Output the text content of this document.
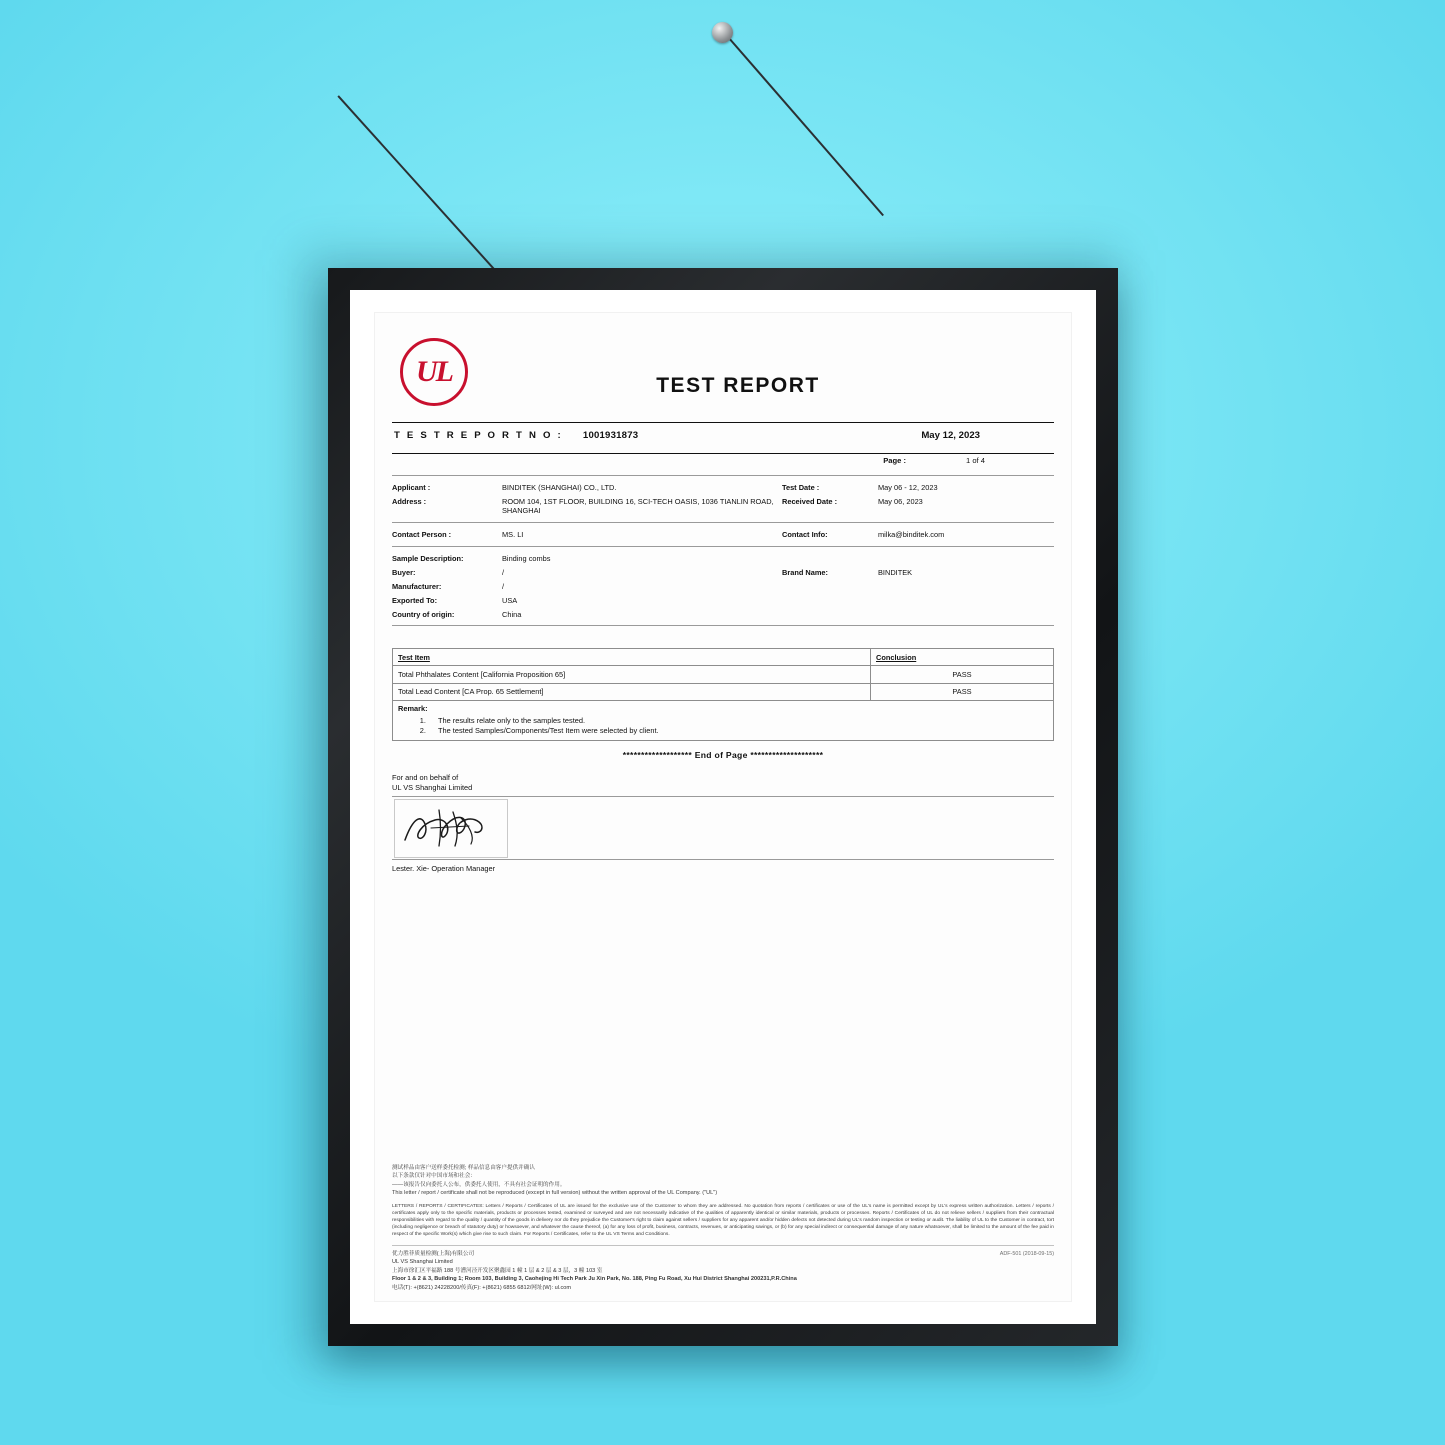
UL	TEST REPORT
T E S T R E P O R T N O : 1001931873	May 12, 2023
Page :	1 of 4
Applicant :	BINDITEK (SHANGHAI) CO., LTD.	Test Date :	May 06 - 12, 2023
Address :	ROOM 104, 1ST FLOOR, BUILDING 16, SCI-TECH OASIS, 1036 TIANLIN ROAD, SHANGHAI	Received Date :	May 06, 2023
Contact Person :	MS. LI	Contact Info:	milka@binditek.com
Sample Description:	Binding combs		
Buyer:	/	Brand Name:	BINDITEK
Manufacturer:	/		
Exported To:	USA		
Country of origin:	China		
Test Item	Conclusion
Total Phthalates Content [California Proposition 65]	PASS
Total Lead Content [CA Prop. 65 Settlement]	PASS

Remark:
1. The results relate only to the samples tested.
2. The tested Samples/Components/Test Item were selected by client.
******************* End of Page ********************
For and on behalf of
UL VS Shanghai Limited
Lester. Xie- Operation Manager
测试样品由客户送样委托检测; 样品信息由客户提供并确认
以下条款仅针对中国市场和社会：
——该报告仅向委托人公布，供委托人使用，不具有社会证明的作用。
This letter / report / certificate shall not be reproduced (except in full version) without the written approval of the UL Company. ("UL")
LETTERS / REPORTS / CERTIFICATES: Letters / Reports / Certificates of UL are issued for the exclusive use of the Customer to whom they are addressed. No quotation from reports / certificates or use of the UL's name is permitted except by UL's express written authorization. Letters / reports / certificates apply only to the specific materials, products or processes tested, examined or surveyed and are not necessarily indicative of the qualities of apparently identical or similar materials, products or processes. Reports / Certificates of UL do not relieve sellers / suppliers from their contractual responsibilities with regard to the quality / quantity of the goods in delivery nor do they prejudice the Customer's right to claim against sellers / suppliers for any apparent and/or hidden defects not detected during UL's random inspection or testing or audit. The liability of UL to the Customer in contract, tort (including negligence or breach of statutory duty) or howsoever, and whatever the cause thereof, (a) for any loss of profit, business, contracts, revenues, or anticipating savings, or (b) for any special indirect or consequential damage of any nature whatsoever, shall be limited to the amount of the fee paid in respect of the specific Work(s) which give rise to such claim. For Reports / Certificates, refer to the UL VS Terms and Conditions.
ADF-501 (2018-09-15)
优力胜菲质量检测(上海)有限公司
UL VS Shanghai Limited
上海市徐汇区平福路 188 号漕河泾开发区聚鑫园 1 幢 1 层 & 2 层 & 3 层，3 幢 103 室
Floor 1 & 2 & 3, Building 1; Room 103, Building 3, Caohejing Hi Tech Park Ju Xin Park, No. 188, Ping Fu Road, Xu Hui District Shanghai 200231,P.R.China
电话(T): +(8621) 24228200/传真(F): +(8621) 6855 6812/网址(W): ul.com
